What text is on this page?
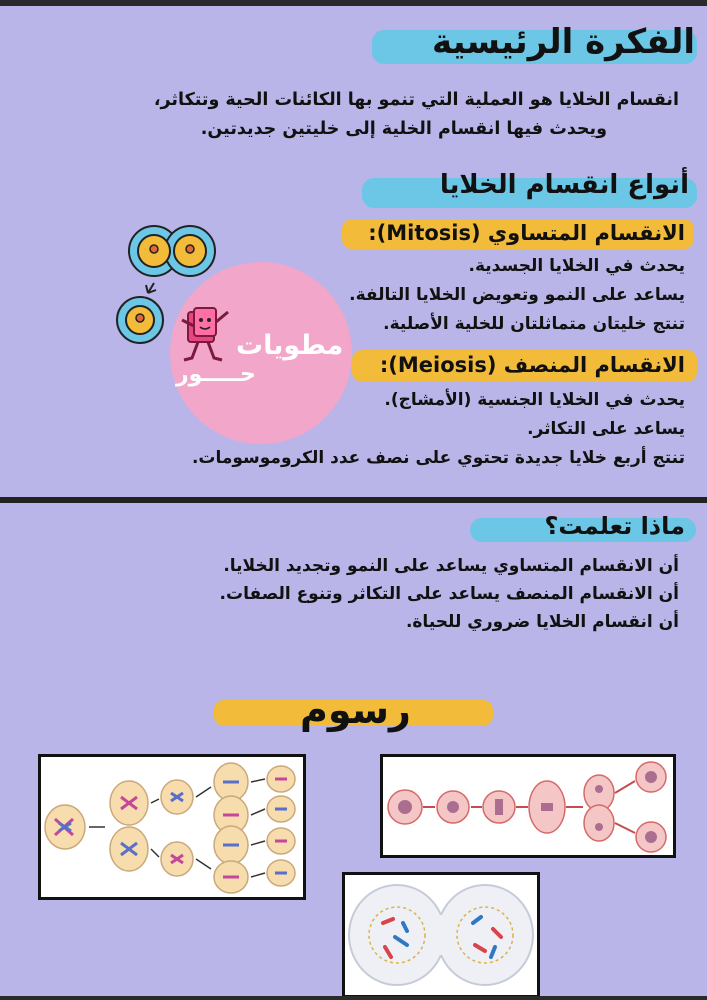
الفكرة الرئيسية
انقسام الخلايا هو العملية التي تنمو بها الكائنات الحية وتتكاثر،
ويحدث فيها انقسام الخلية إلى خليتين جديدتين.
أنواع انقسام الخلايا
الانقسام المتساوي (Mitosis):
يحدث في الخلايا الجسدية.
يساعد على النمو وتعويض الخلايا التالفة.
تنتج خليتان متماثلتان للخلية الأصلية.
الانقسام المنصف (Meiosis):
يحدث في الخلايا الجنسية (الأمشاج).
يساعد على التكاثر.
تنتج أربع خلايا جديدة تحتوي على نصف عدد الكروموسومات.
مطويات
حـــــور
ماذا تعلمت؟
أن الانقسام المتساوي يساعد على النمو وتجديد الخلايا.
أن الانقسام المنصف يساعد على التكاثر وتنوع الصفات.
أن انقسام الخلايا ضروري للحياة.
رسوم
